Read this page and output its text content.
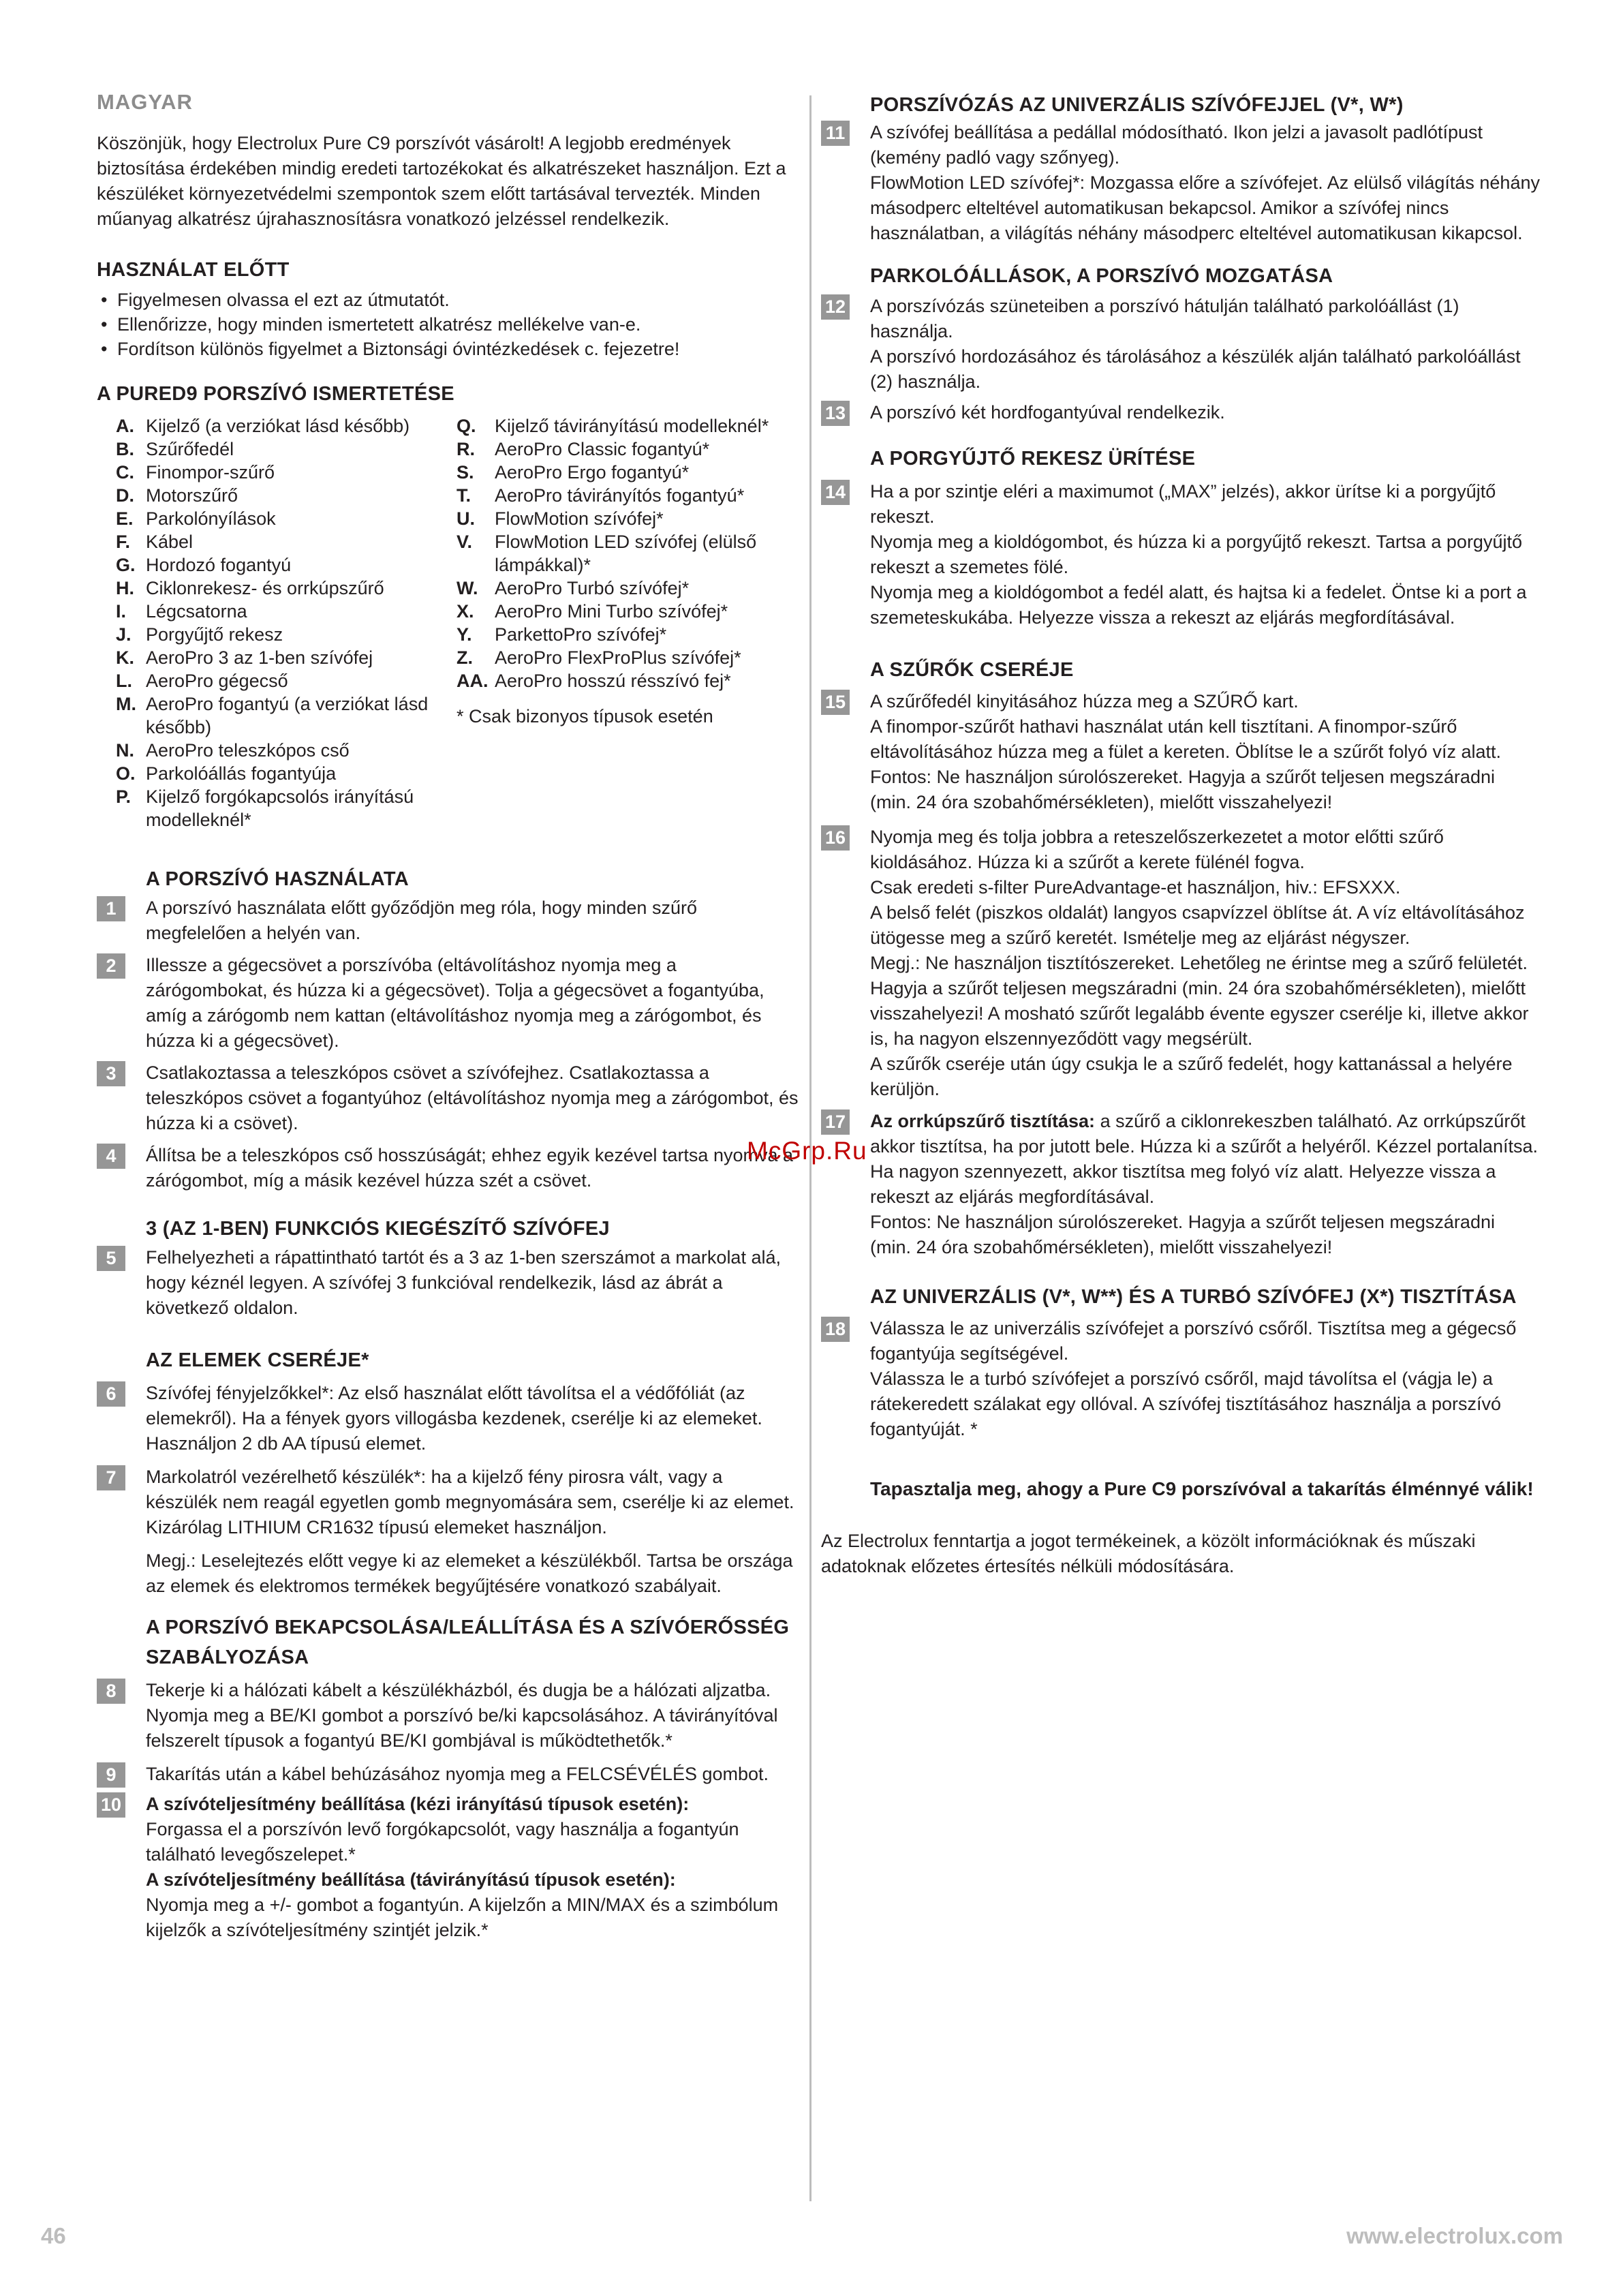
MAGYAR

Köszönjük, hogy Electrolux Pure C9 porszívót vásárolt! A legjobb eredmények biztosítása érdekében mindig eredeti tartozékokat és alkatrészeket használjon. Ezt a készüléket környezetvédelmi szempontok szem előtt tartásával tervezték. Minden műanyag alkatrész újrahasznosításra vonatkozó jelzéssel rendelkezik.

HASZNÁLAT ELŐTT
• Figyelmesen olvassa el ezt az útmutatót.
• Ellenőrizze, hogy minden ismertetett alkatrész mellékelve van-e.
• Fordítson különös figyelmet a Biztonsági óvintézkedések c. fejezetre!
A PURED9 PORSZÍVÓ ISMERTETÉSE
A. Kijelző (a verziókat lásd később)
B. Szűrőfedél
C. Finompor-szűrő
D. Motorszűrő
E. Parkolónyílások
F. Kábel
G. Hordozó fogantyú
H. Ciklonrekesz- és orrkúpszűrő
I.	Légcsatorna
J. Porgyűjtő rekesz
K. AeroPro 3 az 1-ben szívófej
L. AeroPro gégecső
M. AeroPro fogantyú (a verziókat lásd később)
N. AeroPro teleszkópos cső
O. Parkolóállás fogantyúja
P. Kijelző forgókapcsolós irányítású modelleknél*
Q.	Kijelző távirányítású modelleknél*
R.	AeroPro Classic fogantyú*
S.	AeroPro Ergo fogantyú*
T.	AeroPro távirányítós fogantyú*
U.	FlowMotion szívófej*
V.	FlowMotion LED szívófej (elülső lámpákkal)*
W. AeroPro Turbó szívófej*
X.	AeroPro Mini Turbo szívófej*
Y.	ParkettoPro szívófej*
Z.	AeroPro FlexProPlus szívófej*
AA. AeroPro hosszú résszívó fej*
* Csak bizonyos típusok esetén
A PORSZÍVÓ HASZNÁLATA
1	A porszívó használata előtt győződjön meg róla, hogy minden szűrő megfelelően a helyén van.
2	Illessze a gégecsövet a porszívóba (eltávolításhoz nyomja meg a zárógombokat, és húzza ki a gégecsövet). Tolja a gégecsövet a fogantyúba, amíg a zárógomb nem kattan (eltávolításhoz nyomja meg a zárógombot, és húzza ki a gégecsövet).
3	Csatlakoztassa a teleszkópos csövet a szívófejhez. Csatlakoztassa a teleszkópos csövet a fogantyúhoz (eltávolításhoz nyomja meg a zárógombot, és húzza ki a csövet).
4	Állítsa be a teleszkópos cső hosszúságát; ehhez egyik kezével tartsa nyomva a zárógombot, míg a másik kezével húzza szét a csövet.
3 (AZ 1-BEN) FUNKCIÓS KIEGÉSZÍTŐ SZÍVÓFEJ
5	Felhelyezheti a rápattintható tartót és a 3 az 1-ben szerszámot a markolat alá, hogy kéznél legyen. A szívófej 3 funkcióval rendelkezik, lásd az ábrát a következő oldalon.
AZ ELEMEK CSERÉJE*
6	Szívófej fényjelzőkkel*: Az első használat előtt távolítsa el a védőfóliát (az elemekről). Ha a fények gyors villogásba kezdenek, cserélje ki az elemeket. Használjon 2 db AA típusú elemet.
7	Markolatról vezérelhető készülék*: ha a kijelző fény pirosra vált, vagy a készülék nem reagál egyetlen gomb megnyomására sem, cserélje ki az elemet. Kizárólag LITHIUM CR1632 típusú elemeket használjon.

Megj.: Leselejtezés előtt vegye ki az elemeket a készülékből. Tartsa be országa az elemek és elektromos termékek begyűjtésére vonatkozó szabályait.

A PORSZÍVÓ BEKAPCSOLÁSA/LEÁLLÍTÁSA ÉS A SZÍVÓERŐSSÉG SZABÁLYOZÁSA
8	Tekerje ki a hálózati kábelt a készülékházból, és dugja be a hálózati aljzatba. Nyomja meg a BE/KI gombot a porszívó be/ki kapcsolásához. A távirányítóval felszerelt típusok a fogantyú BE/KI gombjával is működtethetők.*
9	Takarítás után a kábel behúzásához nyomja meg a FELCSÉVÉLÉS gombot.
10 A szívóteljesítmény beállítása (kézi irányítású típusok esetén):

Forgassa el a porszívón levő forgókapcsolót, vagy használja a fogantyún található levegőszelepet.*

A szívóteljesítmény beállítása (távirányítású típusok esetén):

Nyomja meg a +/- gombot a fogantyún. A kijelzőn a MIN/MAX és a szimbólum kijelzők a szívóteljesítmény szintjét jelzik.*

PORSZÍVÓZÁS AZ UNIVERZÁLIS SZÍVÓFEJJEL (V*, W*)
11 A szívófej beállítása a pedállal módosítható. Ikon jelzi a javasolt padlótípust (kemény padló vagy szőnyeg).

FlowMotion LED szívófej*: Mozgassa előre a szívófejet. Az elülső világítás néhány másodperc elteltével automatikusan bekapcsol. Amikor a szívófej nincs használatban, a világítás néhány másodperc elteltével automatikusan kikapcsol.

PARKOLÓÁLLÁSOK, A PORSZÍVÓ MOZGATÁSA
12 A porszívózás szüneteiben a porszívó hátulján található parkolóállást (1) használja.

A porszívó hordozásához és tárolásához a készülék alján található parkolóállást (2) használja.

13 A porszívó két hordfogantyúval rendelkezik.
A PORGYŰJTŐ REKESZ ÜRÍTÉSE
14 Ha a por szintje eléri a maximumot („MAX” jelzés), akkor ürítse ki a porgyűjtő rekeszt.

Nyomja meg a kioldógombot, és húzza ki a porgyűjtő rekeszt. Tartsa a porgyűjtő rekeszt a szemetes fölé.

Nyomja meg a kioldógombot a fedél alatt, és hajtsa ki a fedelet. Öntse ki a port a szemeteskukába. Helyezze vissza a rekeszt az eljárás megfordításával.

A SZŰRŐK CSERÉJE
15 A szűrőfedél kinyitásához húzza meg a SZŰRŐ kart.

A finompor-szűrőt hathavi használat után kell tisztítani. A finompor-szűrő eltávolításához húzza meg a fület a kereten. Öblítse le a szűrőt folyó víz alatt.

Fontos: Ne használjon súrolószereket. Hagyja a szűrőt teljesen megszáradni (min. 24 óra szobahőmérsékleten), mielőtt visszahelyezi!

16 Nyomja meg és tolja jobbra a reteszelőszerkezetet a motor előtti szűrő kioldásához. Húzza ki a szűrőt a kerete fülénél fogva.

Csak eredeti s-filter PureAdvantage-et használjon, hiv.: EFSXXX.

A belső felét (piszkos oldalát) langyos csapvízzel öblítse át. A víz eltávolításához ütögesse meg a szűrő keretét. Ismételje meg az eljárást négyszer.

Megj.: Ne használjon tisztítószereket. Lehetőleg ne érintse meg a szűrő felületét. Hagyja a szűrőt teljesen megszáradni (min. 24 óra szobahőmérsékleten), mielőtt visszahelyezi! A mosható szűrőt legalább évente egyszer cserélje ki, illetve akkor is, ha nagyon elszennyeződött vagy megsérült.

A szűrők cseréje után úgy csukja le a szűrő fedelét, hogy kattanással a helyére kerüljön.

17 Az orrkúpszűrő tisztítása: a szűrő a ciklonrekeszben található. Az orrkúpszűrőt akkor tisztítsa, ha por jutott bele. Húzza ki a szűrőt a helyéről. Kézzel portalanítsa. Ha nagyon szennyezett, akkor tisztítsa meg folyó víz alatt. Helyezze vissza a rekeszt az eljárás megfordításával.

Fontos: Ne használjon súrolószereket. Hagyja a szűrőt teljesen megszáradni (min. 24 óra szobahőmérsékleten), mielőtt visszahelyezi!

AZ UNIVERZÁLIS (V*, W**) ÉS A TURBÓ SZÍVÓFEJ (X*) TISZTÍTÁSA
18 Válassza le az univerzális szívófejet a porszívó csőről. Tisztítsa meg a gégecső fogantyúja segítségével.

Válassza le a turbó szívófejet a porszívó csőről, majd távolítsa el (vágja le) a rátekeredett szálakat egy ollóval. A szívófej tisztításához használja a porszívó fogantyúját. *

Tapasztalja meg, ahogy a Pure C9 porszívóval a takarítás élménnyé válik!

Az Electrolux fenntartja a jogot termékeinek, a közölt információknak és műszaki adatoknak előzetes értesítés nélküli módosítására.

McGrp.Ru
46	www.electrolux.com
